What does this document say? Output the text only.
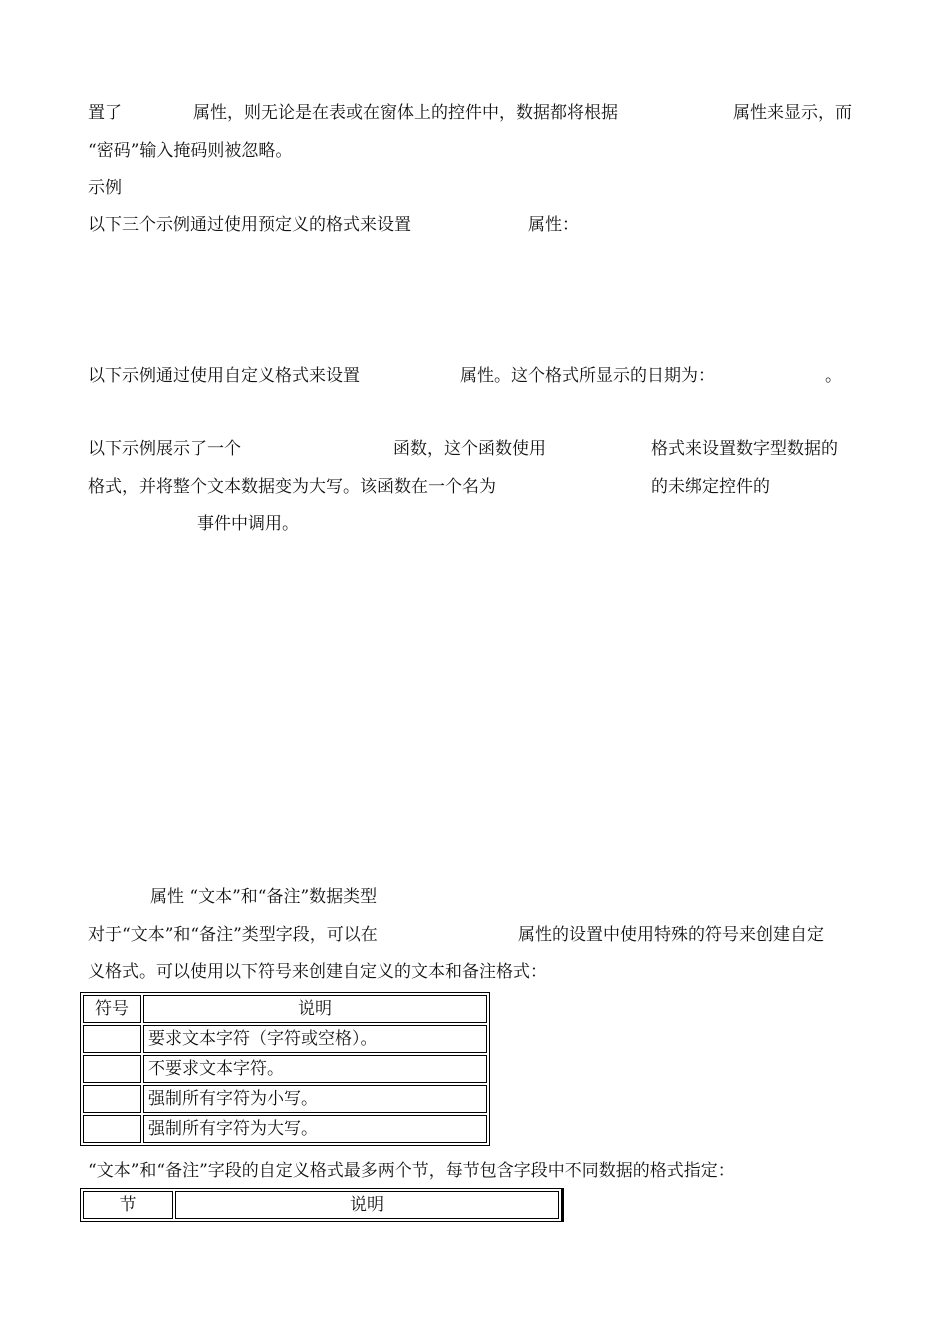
置了	属性，则无论是在表或在窗体上的控件中，数据都将根据	属性来显示，而
“密码”输入掩码则被忽略。
示例
以下三个示例通过使用预定义的格式来设置	属性：
以下示例通过使用自定义格式来设置	属性。这个格式所显示的日期为：	。
以下示例展示了一个	函数，这个函数使用	格式来设置数字型数据的
格式，并将整个文本数据变为大写。该函数在一个名为	的未绑定控件的
事件中调用。
属性 “文本”和“备注”数据类型
对于“文本”和“备注”类型字段，可以在	属性的设置中使用特殊的符号来创建自定
义格式。可以使用以下符号来创建自定义的文本和备注格式：
符号	说明
	要求文本字符（字符或空格）。
	不要求文本字符。
	强制所有字符为小写。
	强制所有字符为大写。
“文本”和“备注”字段的自定义格式最多两个节，每节包含字段中不同数据的格式指定：
节	说明
